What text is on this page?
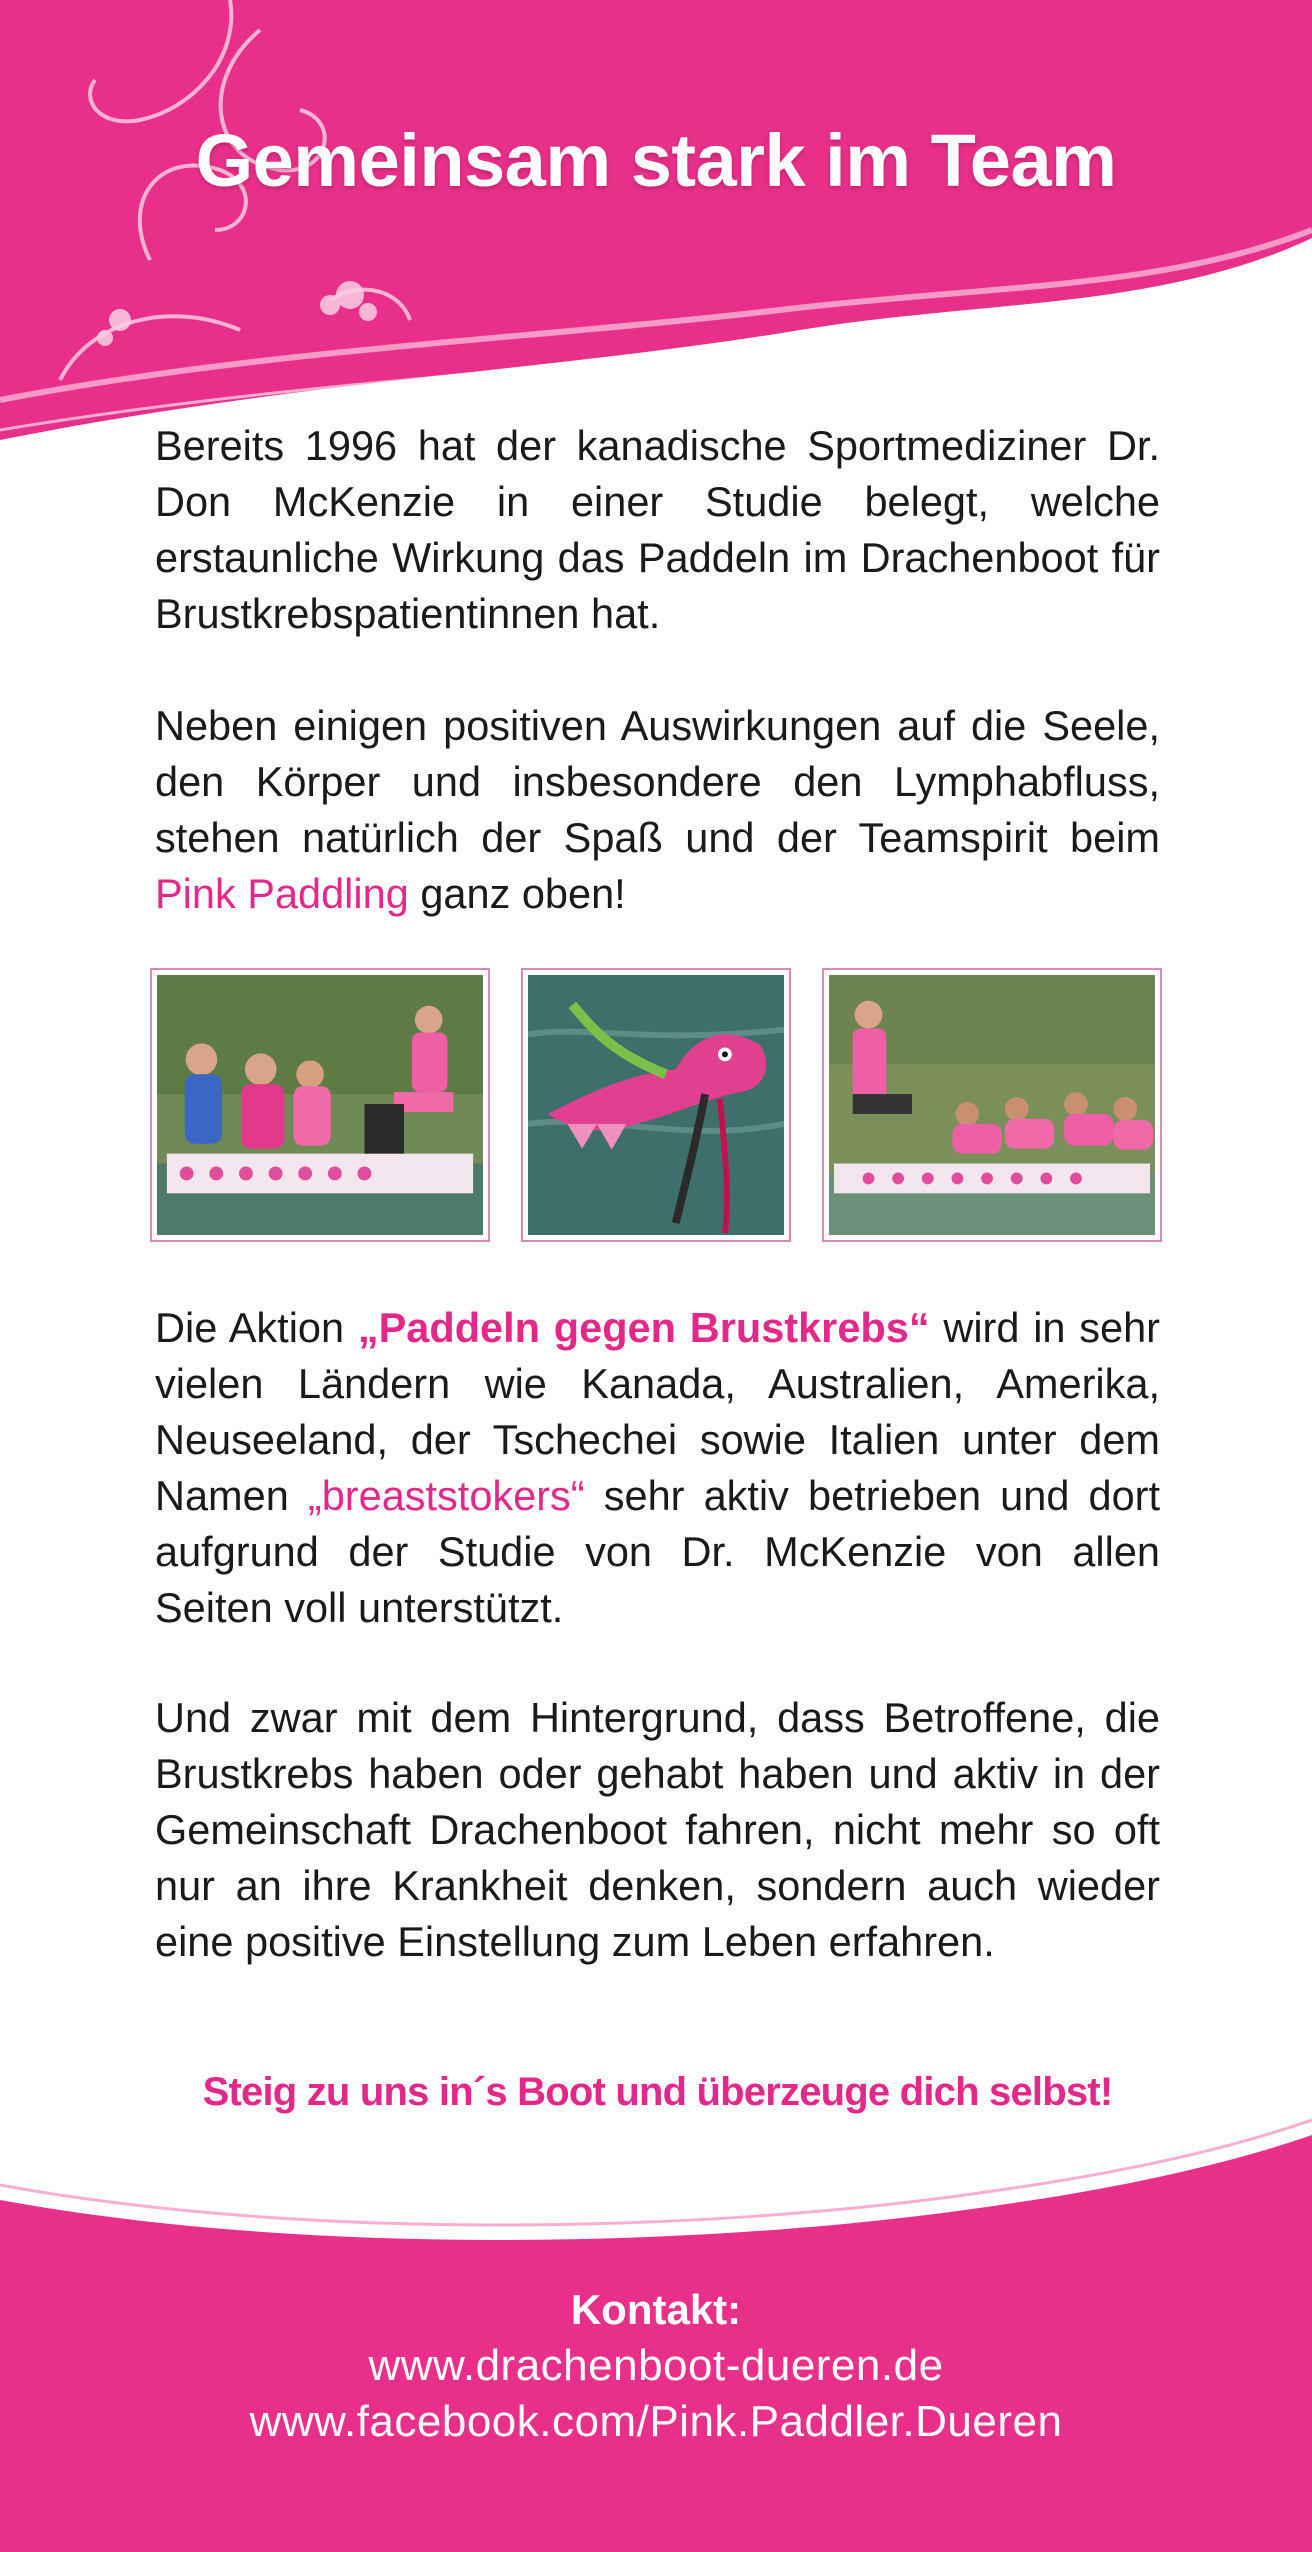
Gemeinsam stark im Team

Bereits 1996 hat der kanadische Sportmediziner Dr. Don McKenzie in einer Studie belegt, welche erstaunliche Wirkung das Paddeln im Drachenboot für Brustkrebspatientinnen hat.

Neben einigen positiven Auswirkungen auf die Seele, den Körper und insbesondere den Lymphabfluss, stehen natürlich der Spaß und der Teamspirit beim Pink Paddling ganz oben!

Die Aktion „Paddeln gegen Brustkrebs“ wird in sehr vielen Ländern wie Kanada, Australien, Amerika, Neuseeland, der Tschechei sowie Italien unter dem Namen „breaststokers“ sehr aktiv betrieben und dort aufgrund der Studie von Dr. McKenzie von allen Seiten voll unterstützt.

Und zwar mit dem Hintergrund, dass Betroffene, die Brustkrebs haben oder gehabt haben und aktiv in der Gemeinschaft Drachenboot fahren, nicht mehr so oft nur an ihre Krankheit denken, sondern auch wieder eine positive Einstellung zum Leben erfahren.

Steig zu uns in´s Boot und überzeuge dich selbst!
Kontakt:
www.drachenboot-dueren.de
www.facebook.com/Pink.Paddler.Dueren
